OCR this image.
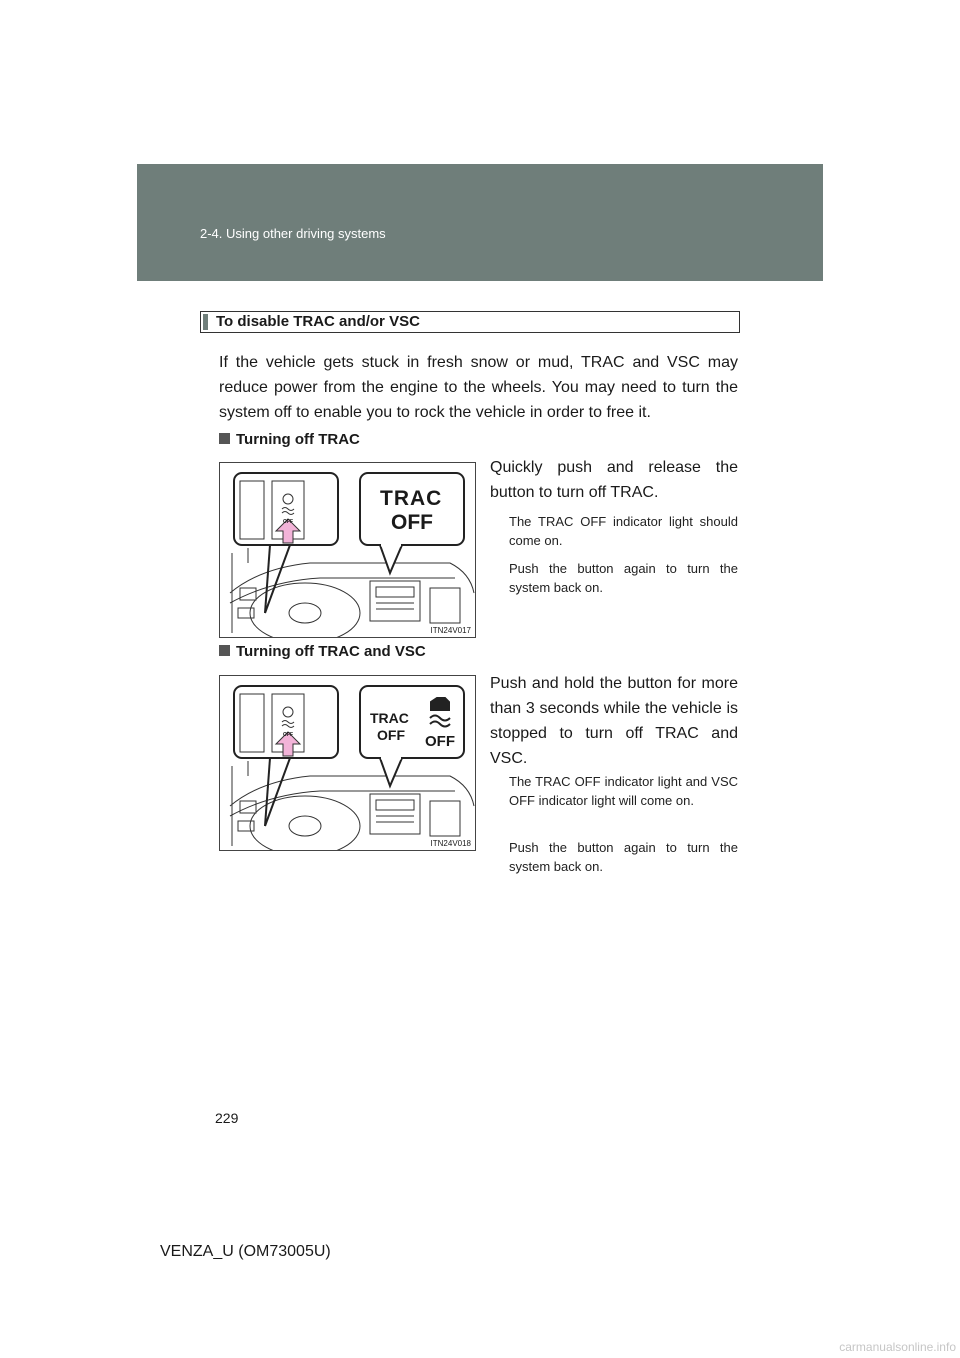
2-4. Using other driving systems
To disable TRAC and/or VSC

If the vehicle gets stuck in fresh snow or mud, TRAC and VSC may reduce power from the engine to the wheels. You may need to turn the system off to enable you to rock the vehicle in order to free it.

Turning off TRAC
OFF
TRAC
OFF
ITN24V017

Quickly push and release the button to turn off TRAC.

The TRAC OFF indicator light should come on.

Push the button again to turn the system back on.

Turning off TRAC and VSC
OFF
TRAC
OFF OFF
ITN24V018

Push and hold the button for more than 3 seconds while the vehicle is stopped to turn off TRAC and VSC.

The TRAC OFF indicator light and VSC OFF indicator light will come on.

Push the button again to turn the system back on.

229
VENZA_U (OM73005U)
carmanualsonline.info
